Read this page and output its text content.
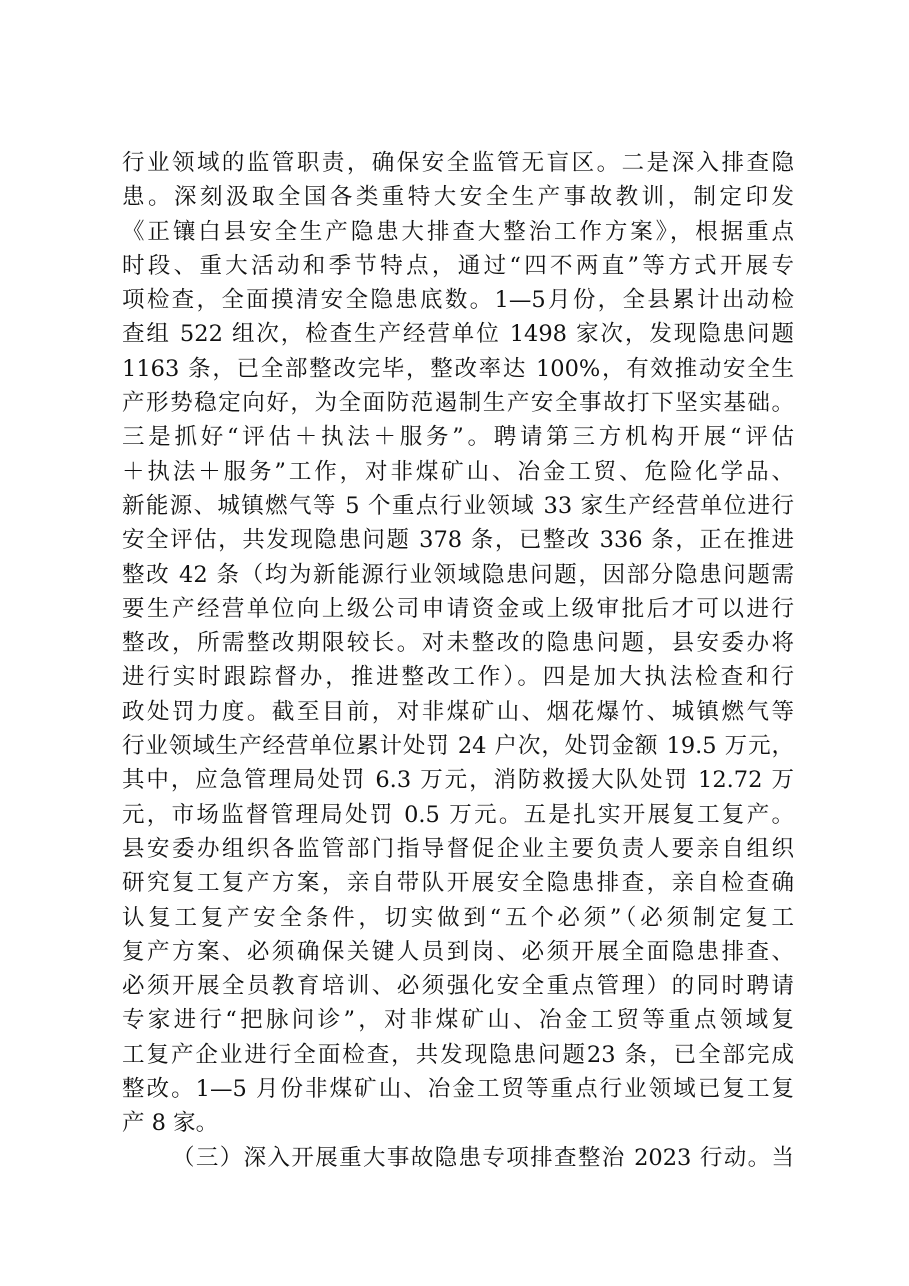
行业领域的监管职责，确保安全监管无盲区。二是深入排查隐
患。深刻汲取全国各类重特大安全生产事故教训，制定印发
《正镶白县安全生产隐患大排查大整治工作方案》，根据重点
时段、重大活动和季节特点，通过“四不两直”等方式开展专
项检查，全面摸清安全隐患底数。1—5月份，全县累计出动检
查组 522 组次，检查生产经营单位 1498 家次，发现隐患问题
1163 条，已全部整改完毕，整改率达 100%，有效推动安全生
产形势稳定向好，为全面防范遏制生产安全事故打下坚实基础。
三是抓好“评估＋执法＋服务”。聘请第三方机构开展“评估
＋执法＋服务”工作，对非煤矿山、冶金工贸、危险化学品、
新能源、城镇燃气等 5 个重点行业领域 33 家生产经营单位进行
安全评估，共发现隐患问题 378 条，已整改 336 条，正在推进
整改 42 条（均为新能源行业领域隐患问题，因部分隐患问题需
要生产经营单位向上级公司申请资金或上级审批后才可以进行
整改，所需整改期限较长。对未整改的隐患问题，县安委办将
进行实时跟踪督办，推进整改工作）。四是加大执法检查和行
政处罚力度。截至目前，对非煤矿山、烟花爆竹、城镇燃气等
行业领域生产经营单位累计处罚 24 户次，处罚金额 19.5 万元，
其中，应急管理局处罚 6.3 万元，消防救援大队处罚 12.72 万
元，市场监督管理局处罚 0.5 万元。五是扎实开展复工复产。
县安委办组织各监管部门指导督促企业主要负责人要亲自组织
研究复工复产方案，亲自带队开展安全隐患排查，亲自检查确
认复工复产安全条件，切实做到“五个必须”（必须制定复工
复产方案、必须确保关键人员到岗、必须开展全面隐患排查、
必须开展全员教育培训、必须强化安全重点管理）的同时聘请
专家进行“把脉问诊”，对非煤矿山、冶金工贸等重点领域复
工复产企业进行全面检查，共发现隐患问题23 条，已全部完成
整改。1—5 月份非煤矿山、冶金工贸等重点行业领域已复工复
产 8 家。
（三）深入开展重大事故隐患专项排查整治 2023 行动。当
